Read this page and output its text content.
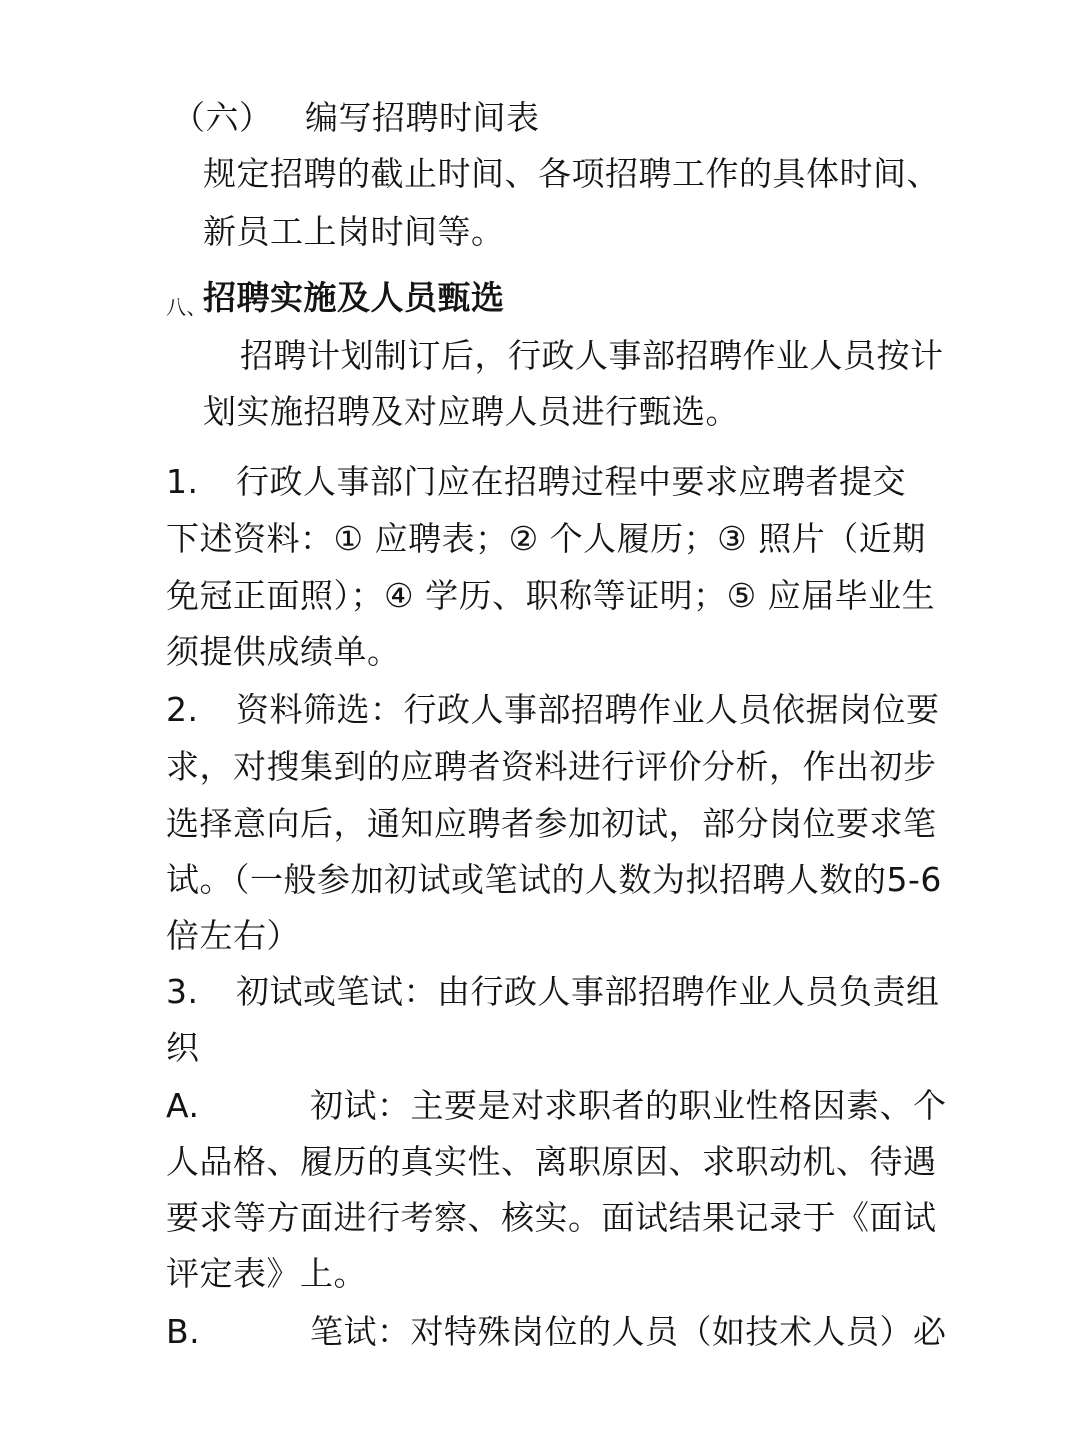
（六） 编写招聘时间表
规定招聘的截止时间、各项招聘工作的具体时间、
新员工上岗时间等。
八、
招聘实施及人员甄选
招聘计划制订后，行政人事部招聘作业人员按计
划实施招聘及对应聘人员进行甄选。
1. 行政人事部门应在招聘过程中要求应聘者提交
下述资料：① 应聘表；② 个人履历；③ 照片（近期
免冠正面照）；④ 学历、职称等证明；⑤ 应届毕业生
须提供成绩单。
2. 资料筛选：行政人事部招聘作业人员依据岗位要
求，对搜集到的应聘者资料进行评价分析，作出初步
选择意向后，通知应聘者参加初试，部分岗位要求笔
试。（一般参加初试或笔试的人数为拟招聘人数的5-6
倍左右）
3. 初试或笔试：由行政人事部招聘作业人员负责组
织
A.	初试：主要是对求职者的职业性格因素、个
人品格、履历的真实性、离职原因、求职动机、待遇
要求等方面进行考察、核实。面试结果记录于《面试
评定表》上。
B.	笔试：对特殊岗位的人员（如技术人员）必
